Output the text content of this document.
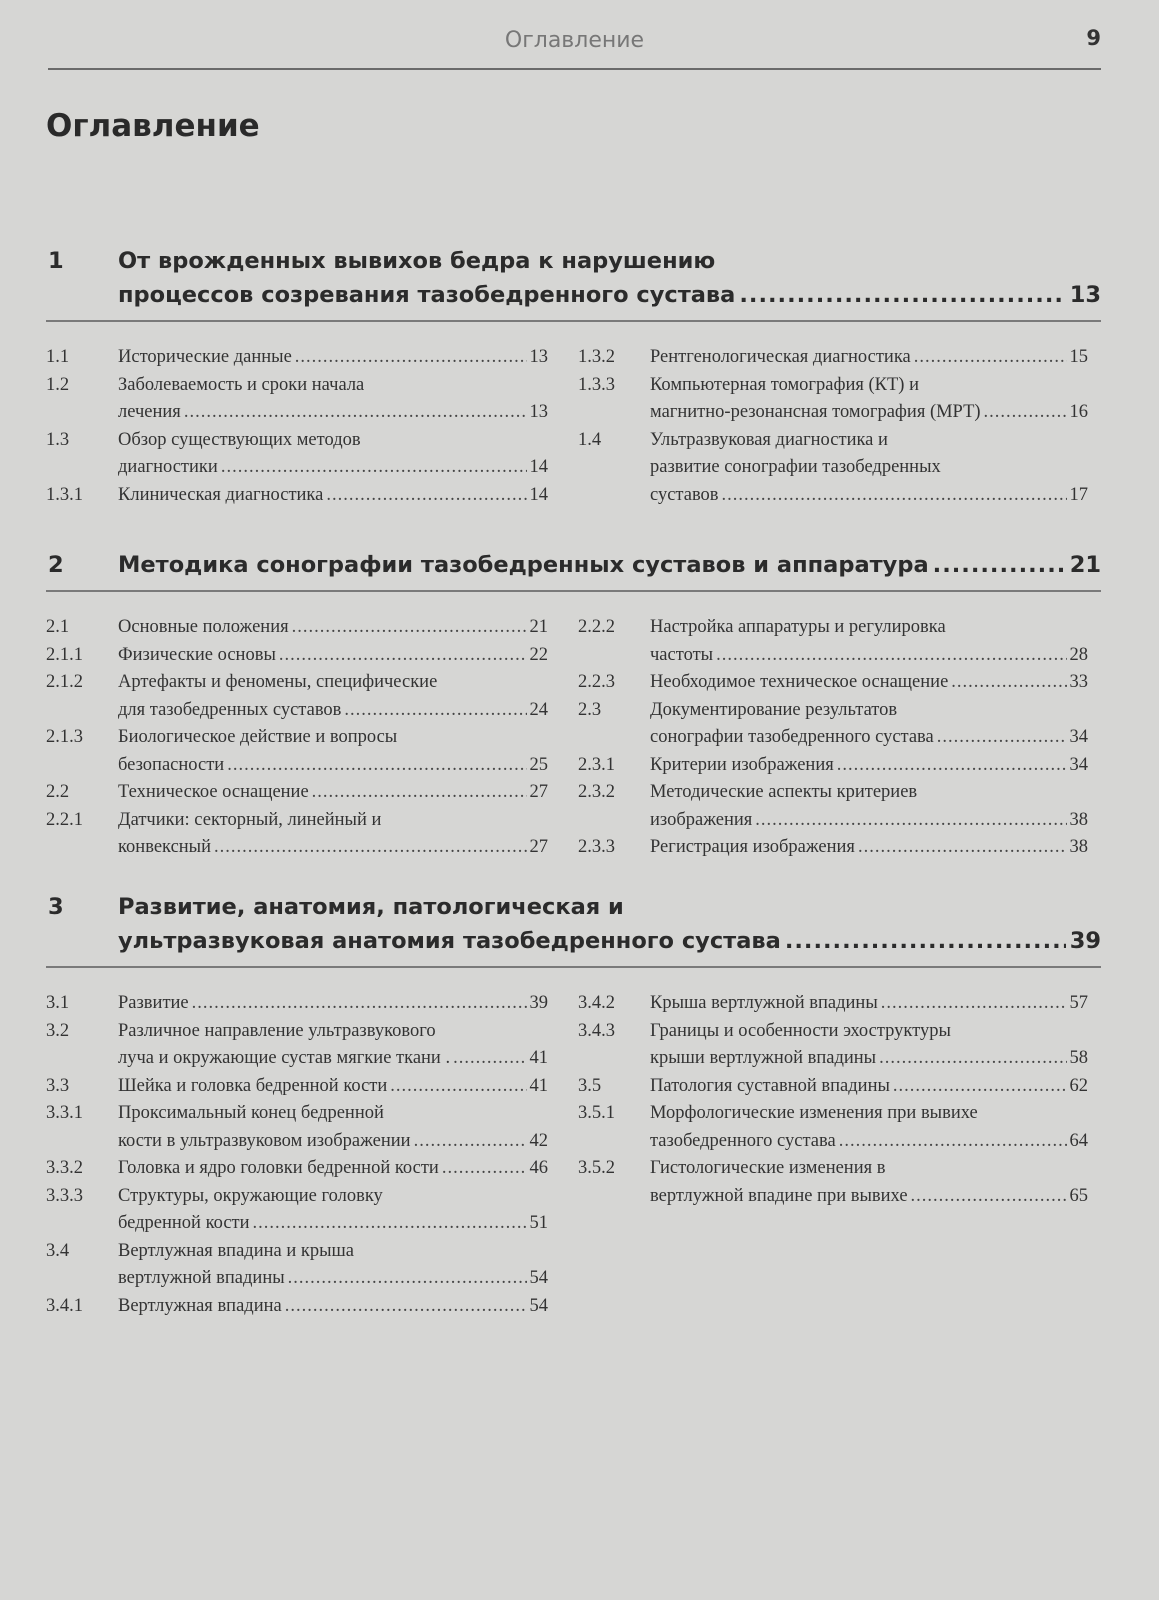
Оглавление	9
Оглавление
1 От врожденных вывихов бедра к нарушению
процессов созревания тазобедренного сустава .....	13
1.1	Исторические данные .....	13
1.2	Заболеваемость и сроки начала
лечения .....	13
1.3	Обзор существующих методов
диагностики .....	14
1.3.1	Клиническая диагностика .....	14
1.3.2	Рентгенологическая диагностика .....	15
1.3.3	Компьютерная томография (КТ) и
магнитно-резонансная томография (МРТ) .....	16
1.4	Ультразвуковая диагностика и
развитие сонографии тазобедренных
суставов .....	17
2 Методика сонографии тазобедренных суставов и аппаратура .....	21
2.1	Основные положения .....	21
2.1.1	Физические основы .....	22
2.1.2	Артефакты и феномены, специфические
для тазобедренных суставов .....	24
2.1.3	Биологическое действие и вопросы
безопасности .....	25
2.2	Техническое оснащение .....	27
2.2.1	Датчики: секторный, линейный и
конвексный .....	27
2.2.2	Настройка аппаратуры и регулировка
частоты .....	28
2.2.3	Необходимое техническое оснащение .....	33
2.3	Документирование результатов
сонографии тазобедренного сустава .....	34
2.3.1	Критерии изображения .....	34
2.3.2	Методические аспекты критериев
изображения .....	38
2.3.3	Регистрация изображения .....	38
3 Развитие, анатомия, патологическая и
ультразвуковая анатомия тазобедренного сустава .....	39
3.1	Развитие .....	39
3.2	Различное направление ультразвукового
луча и окружающие сустав мягкие ткани . .....	41
3.3	Шейка и головка бедренной кости .....	41
3.3.1	Проксимальный конец бедренной
кости в ультразвуковом изображении .....	42
3.3.2	Головка и ядро головки бедренной кости .....	46
3.3.3	Структуры, окружающие головку
бедренной кости .....	51
3.4	Вертлужная впадина и крыша
вертлужной впадины .....	54
3.4.1	Вертлужная впадина .....	54
3.4.2	Крыша вертлужной впадины .....	57
3.4.3	Границы и особенности эхоструктуры
крыши вертлужной впадины .....	58
3.5	Патология суставной впадины .....	62
3.5.1	Морфологические изменения при вывихе
тазобедренного сустава .....	64
3.5.2	Гистологические изменения в
вертлужной впадине при вывихе .....	65
